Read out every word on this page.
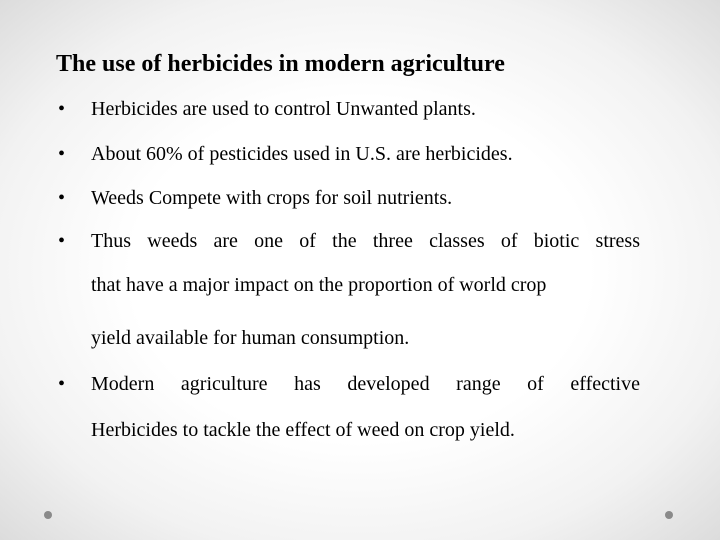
The use of herbicides in modern agriculture
• Herbicides are used to control Unwanted plants.
• About 60% of pesticides used in U.S. are herbicides.
• Weeds Compete with crops for soil nutrients.
• Thus weeds are one of the three classes of biotic stress
that have a major impact on the proportion of world crop
yield available for human consumption.
• Modern agriculture has developed range of effective
Herbicides to tackle the effect of weed on crop yield.
